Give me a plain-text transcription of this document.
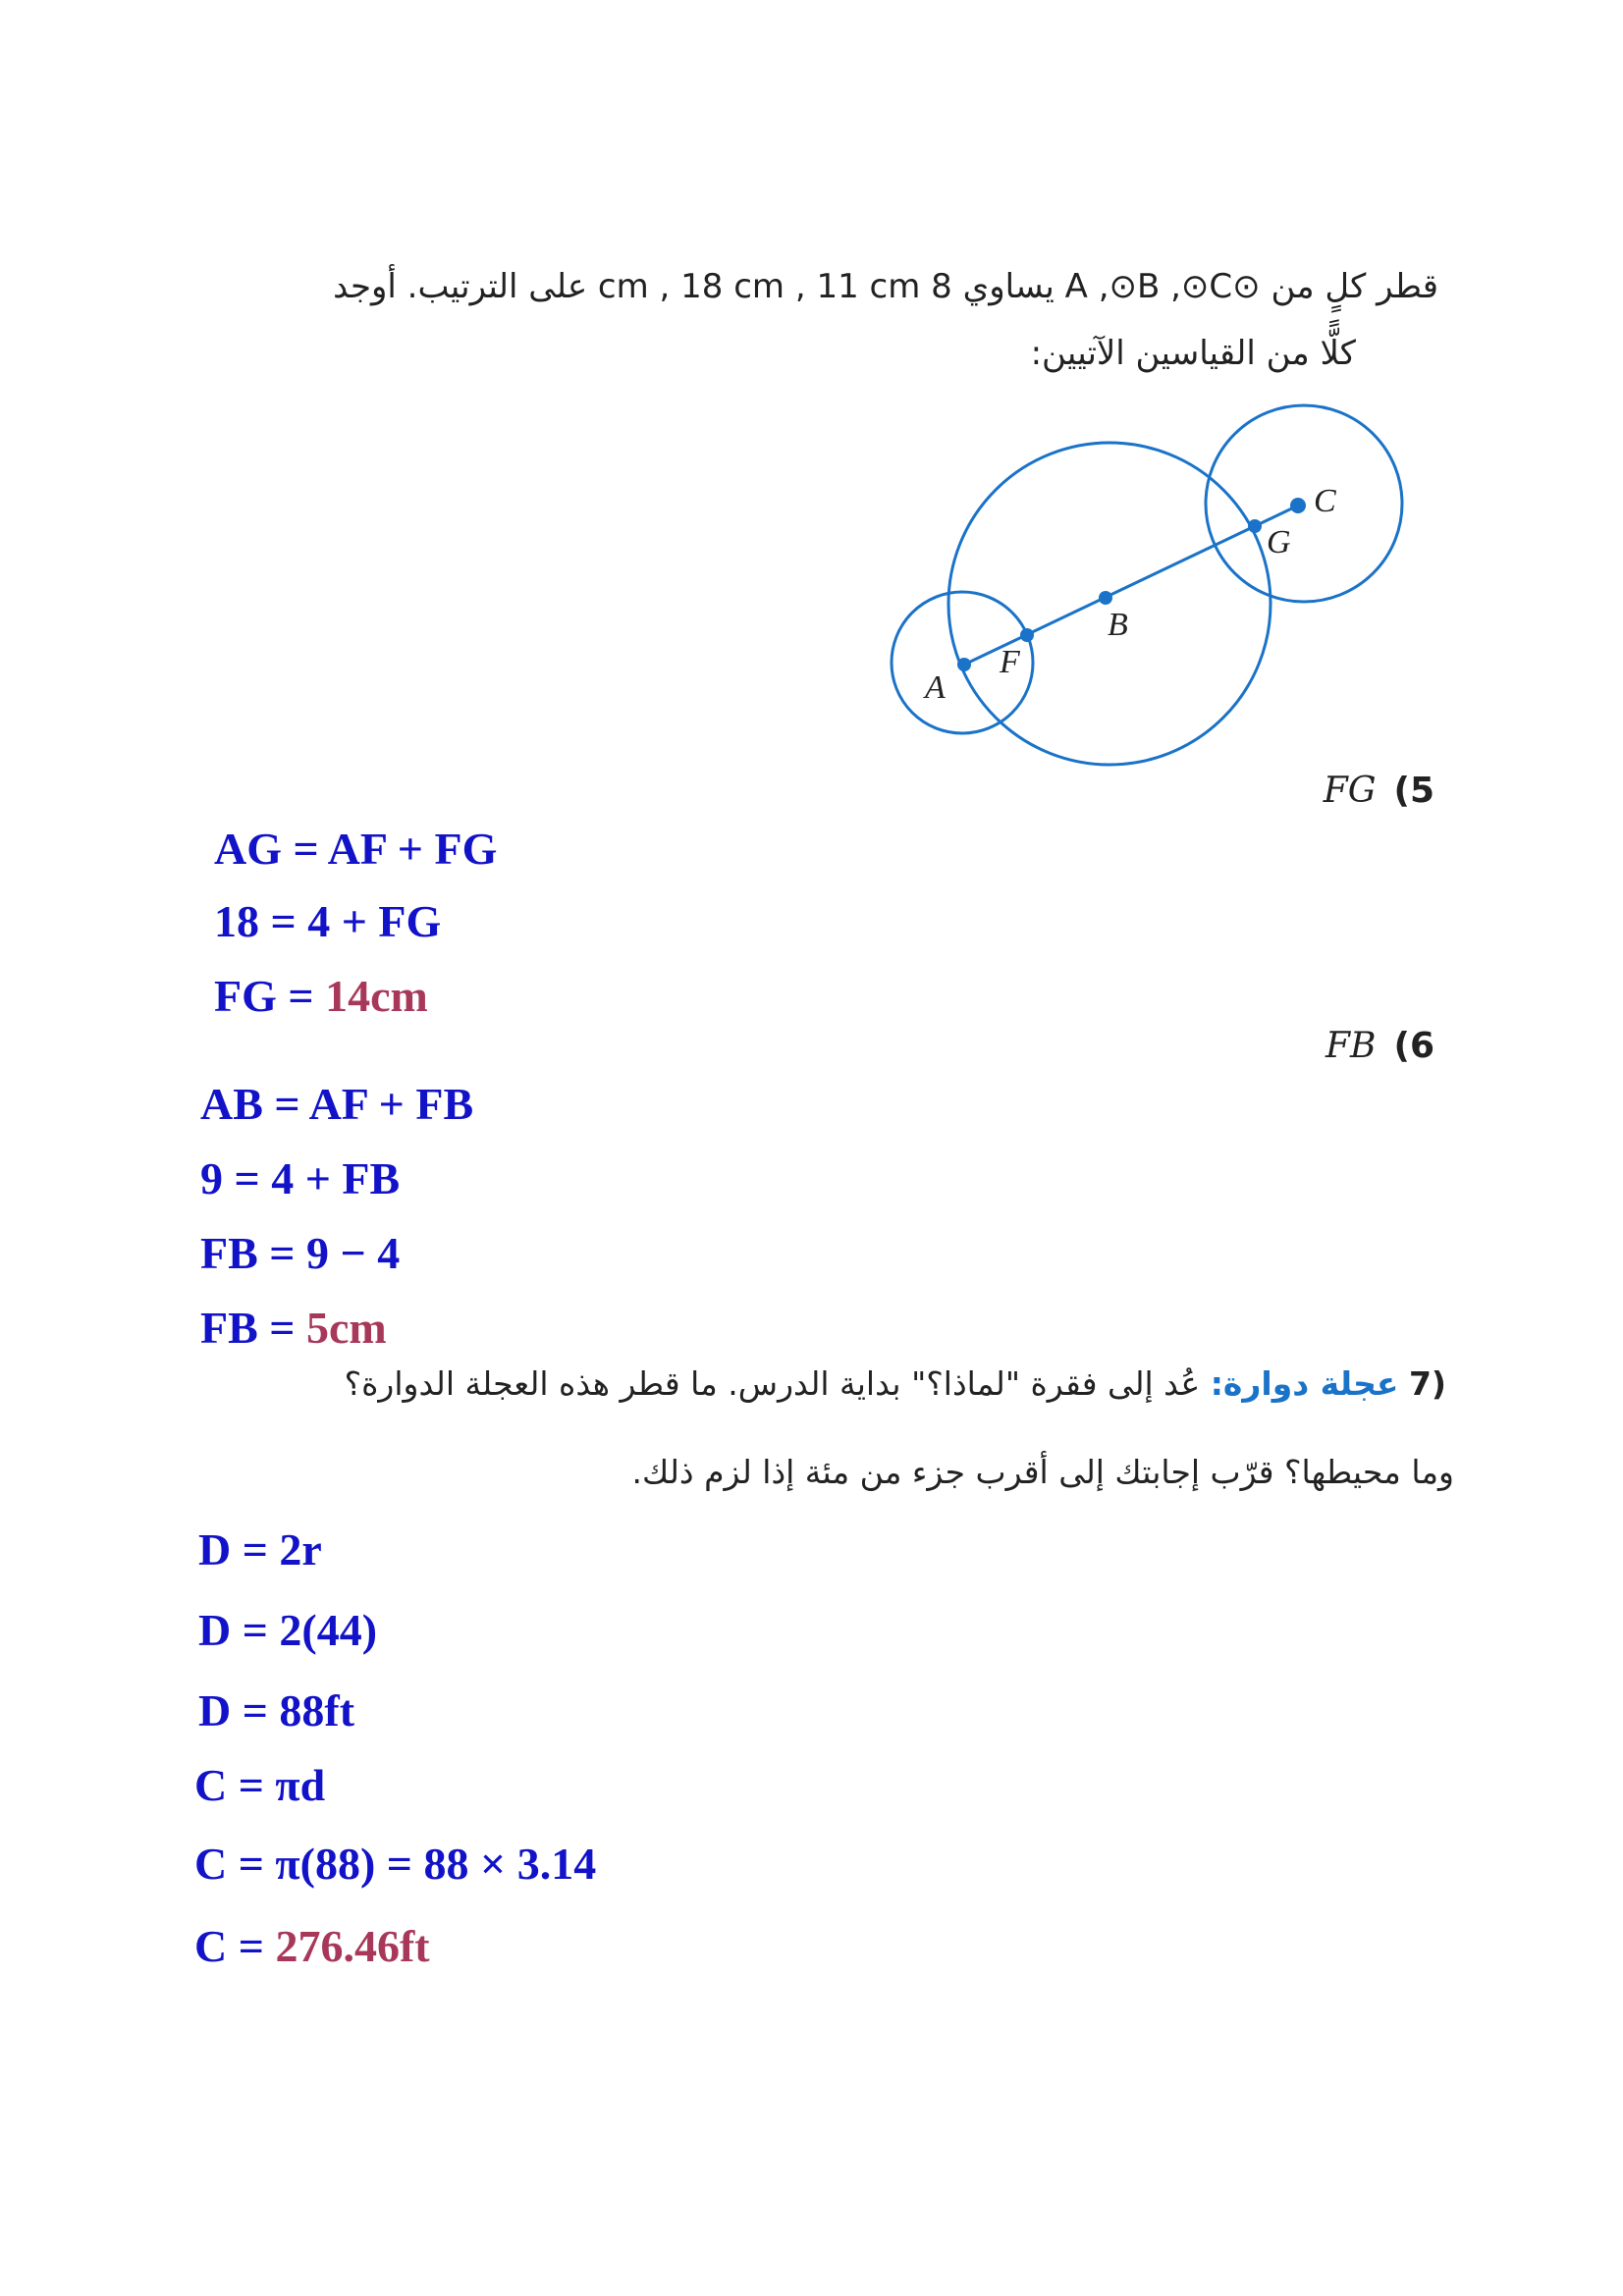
قطر كلٍ من ⊙A ,⊙B ,⊙C يساوي 8 cm , 18 cm , 11 cm على الترتيب. أوجد
كلًّا من القياسين الآتيين:
A
F
B
G
C
FG (5
AG = AF + FG
18 = 4 + FG
FG = 14cm
FB (6
AB = AF + FB
9 = 4 + FB
FB = 9 − 4
FB = 5cm
(7 عجلة دوارة: عُد إلى فقرة "لماذا؟" بداية الدرس. ما قطر هذه العجلة الدوارة؟
وما محيطها؟ قرّب إجابتك إلى أقرب جزء من مئة إذا لزم ذلك.
D = 2r
D = 2(44)
D = 88ft
C = πd
C = π(88) = 88 × 3.14
C = 276.46ft
